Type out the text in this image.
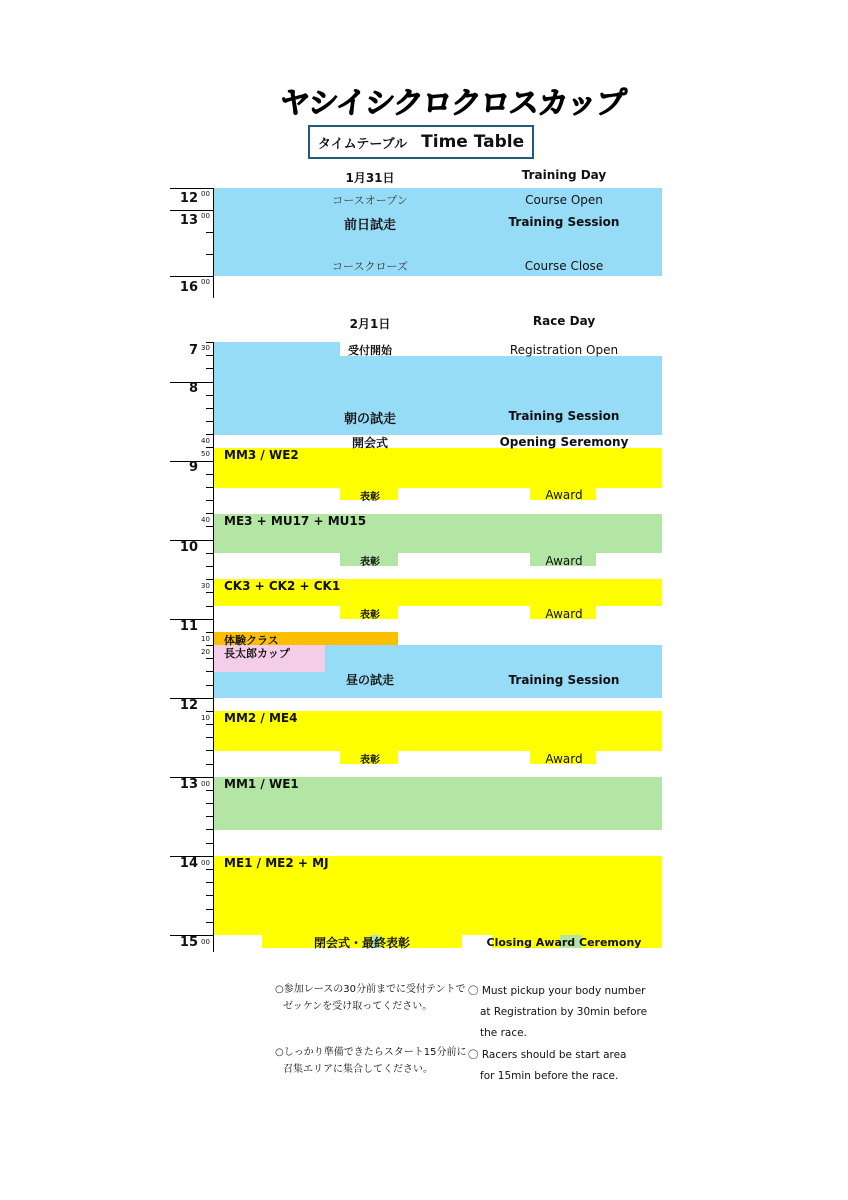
ヤシイシクロクロスカップ
タイムテーブル Time Table
1月31日	Training Day
12
13
16
00
00
00
コースオープン	Course Open
前日試走	Training Session
コースクローズ	Course Close
2月1日	Race Day
7
8
9
10
11
12
13
14
15
30
40
50
40
30
10
20
10
00
00
00
受付開始	Registration Open
朝の試走	Training Session
開会式	Opening Seremony
MM3 / WE2
表彰	Award
ME3 + MU17 + MU15
表彰	Award
CK3 + CK2 + CK1
表彰	Award
体験クラス
長太郎カップ
昼の試走	Training Session
MM2 / ME4
表彰	Award
MM1 / WE1
ME1 / ME2 + MJ
閉会式・最終表彰	Closing Award Ceremony
○参加レースの30分前までに受付テントで
ゼッケンを受け取ってください。
〇 Must pickup your body number
at Registration by 30min before
the race.
○しっかり準備できたらスタート15分前に
召集エリアに集合してください。
〇 Racers should be start area
for 15min before the race.
